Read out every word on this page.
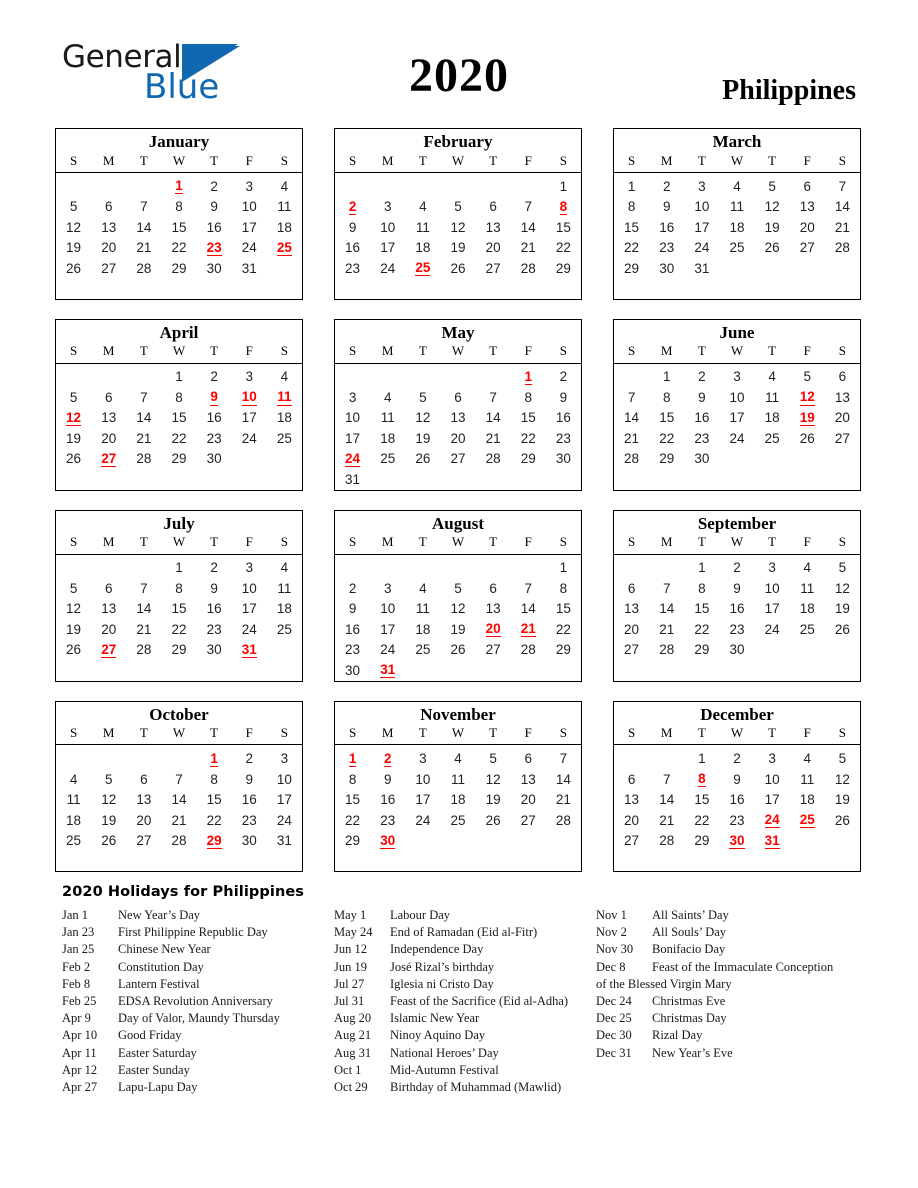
General
Blue	2020	Philippines
January
S	M	T	W	T	F	S
			1	2	3	4
5	6	7	8	9	10	11
12	13	14	15	16	17	18
19	20	21	22	23	24	25
26	27	28	29	30	31	

February
S	M	T	W	T	F	S
						1
2	3	4	5	6	7	8
9	10	11	12	13	14	15
16	17	18	19	20	21	22
23	24	25	26	27	28	29

March
S	M	T	W	T	F	S
1	2	3	4	5	6	7
8	9	10	11	12	13	14
15	16	17	18	19	20	21
22	23	24	25	26	27	28
29	30	31				

April
S	M	T	W	T	F	S
			1	2	3	4
5	6	7	8	9	10	11
12	13	14	15	16	17	18
19	20	21	22	23	24	25
26	27	28	29	30		

May
S	M	T	W	T	F	S
					1	2
3	4	5	6	7	8	9
10	11	12	13	14	15	16
17	18	19	20	21	22	23
24	25	26	27	28	29	30
31						
June
S	M	T	W	T	F	S
	1	2	3	4	5	6
7	8	9	10	11	12	13
14	15	16	17	18	19	20
21	22	23	24	25	26	27
28	29	30				

July
S	M	T	W	T	F	S
			1	2	3	4
5	6	7	8	9	10	11
12	13	14	15	16	17	18
19	20	21	22	23	24	25
26	27	28	29	30	31	

August
S	M	T	W	T	F	S
						1
2	3	4	5	6	7	8
9	10	11	12	13	14	15
16	17	18	19	20	21	22
23	24	25	26	27	28	29
30	31					
September
S	M	T	W	T	F	S
		1	2	3	4	5
6	7	8	9	10	11	12
13	14	15	16	17	18	19
20	21	22	23	24	25	26
27	28	29	30			

October
S	M	T	W	T	F	S
				1	2	3
4	5	6	7	8	9	10
11	12	13	14	15	16	17
18	19	20	21	22	23	24
25	26	27	28	29	30	31

November
S	M	T	W	T	F	S
1	2	3	4	5	6	7
8	9	10	11	12	13	14
15	16	17	18	19	20	21
22	23	24	25	26	27	28
29	30					

December
S	M	T	W	T	F	S
		1	2	3	4	5
6	7	8	9	10	11	12
13	14	15	16	17	18	19
20	21	22	23	24	25	26
27	28	29	30	31		

2020 Holidays for Philippines
Jan 1	New Year’s Day
Jan 23	First Philippine Republic Day
Jan 25	Chinese New Year
Feb 2	Constitution Day
Feb 8	Lantern Festival
Feb 25	EDSA Revolution Anniversary
Apr 9	Day of Valor, Maundy Thursday
Apr 10	Good Friday
Apr 11	Easter Saturday
Apr 12	Easter Sunday
Apr 27	Lapu-Lapu Day
May 1	Labour Day
May 24	End of Ramadan (Eid al-Fitr)
Jun 12	Independence Day
Jun 19	José Rizal’s birthday
Jul 27	Iglesia ni Cristo Day
Jul 31	Feast of the Sacrifice (Eid al-Adha)
Aug 20	Islamic New Year
Aug 21	Ninoy Aquino Day
Aug 31	National Heroes’ Day
Oct 1	Mid-Autumn Festival
Oct 29	Birthday of Muhammad (Mawlid)
Nov 1	All Saints’ Day
Nov 2	All Souls’ Day
Nov 30	Bonifacio Day
Dec 8	Feast of the Immaculate Conception
of the Blessed Virgin Mary
Dec 24	Christmas Eve
Dec 25	Christmas Day
Dec 30	Rizal Day
Dec 31	New Year’s Eve
